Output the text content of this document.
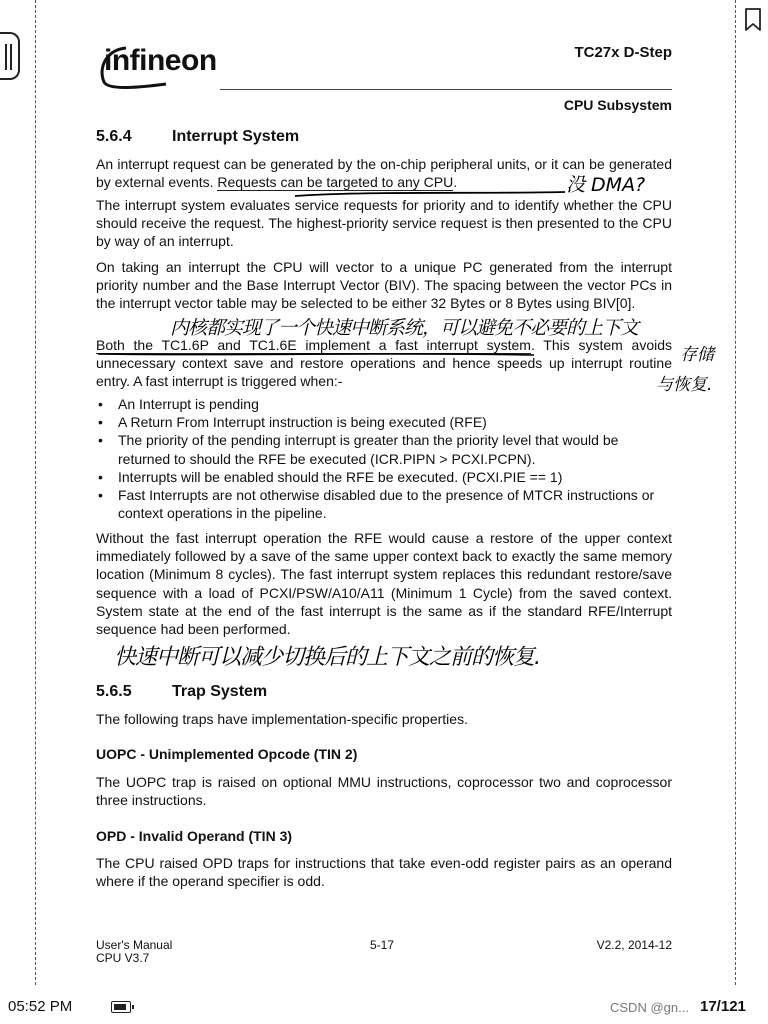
infineon	TC27x D-Step
CPU Subsystem
5.6.4	Interrupt System

An interrupt request can be generated by the on-chip peripheral units, or it can be generated by external events. Requests can be targeted to any CPU.

The interrupt system evaluates service requests for priority and to identify whether the CPU should receive the request. The highest-priority service request is then presented to the CPU by way of an interrupt.

On taking an interrupt the CPU will vector to a unique PC generated from the interrupt priority number and the Base Interrupt Vector (BIV). The spacing between the vector PCs in the interrupt vector table may be selected to be either 32 Bytes or 8 Bytes using BIV[0].

Both the TC1.6P and TC1.6E implement a fast interrupt system. This system avoids unnecessary context save and restore operations and hence speeds up interrupt routine entry. A fast interrupt is triggered when:-

• An Interrupt is pending
• A Return From Interrupt instruction is being executed (RFE)
• The priority of the pending interrupt is greater than the priority level that would be returned to should the RFE be executed (ICR.PIPN > PCXI.PCPN).
• Interrupts will be enabled should the RFE be executed. (PCXI.PIE == 1)
• Fast Interrupts are not otherwise disabled due to the presence of MTCR instructions or context operations in the pipeline.

Without the fast interrupt operation the RFE would cause a restore of the upper context immediately followed by a save of the same upper context back to exactly the same memory location (Minimum 8 cycles). The fast interrupt system replaces this redundant restore/save sequence with a load of PCXI/PSW/A10/A11 (Minimum 1 Cycle) from the saved context. System state at the end of the fast interrupt is the same as if the standard RFE/Interrupt sequence had been performed.

没 DMA?
内核都实现了一个快速中断系统，可以避免不必要的上下文
存储
与恢复.
快速中断可以减少切换后的上下文之前的恢复.
5.6.5	Trap System

The following traps have implementation-specific properties.

UOPC - Unimplemented Opcode (TIN 2)

The UOPC trap is raised on optional MMU instructions, coprocessor two and coprocessor three instructions.

OPD - Invalid Operand (TIN 3)

The CPU raised OPD traps for instructions that take even-odd register pairs as an operand where if the operand specifier is odd.

User's Manual
CPU V3.7
5-17	V2.2, 2014-12
05:52 PM	CSDN @gn... 17/121
